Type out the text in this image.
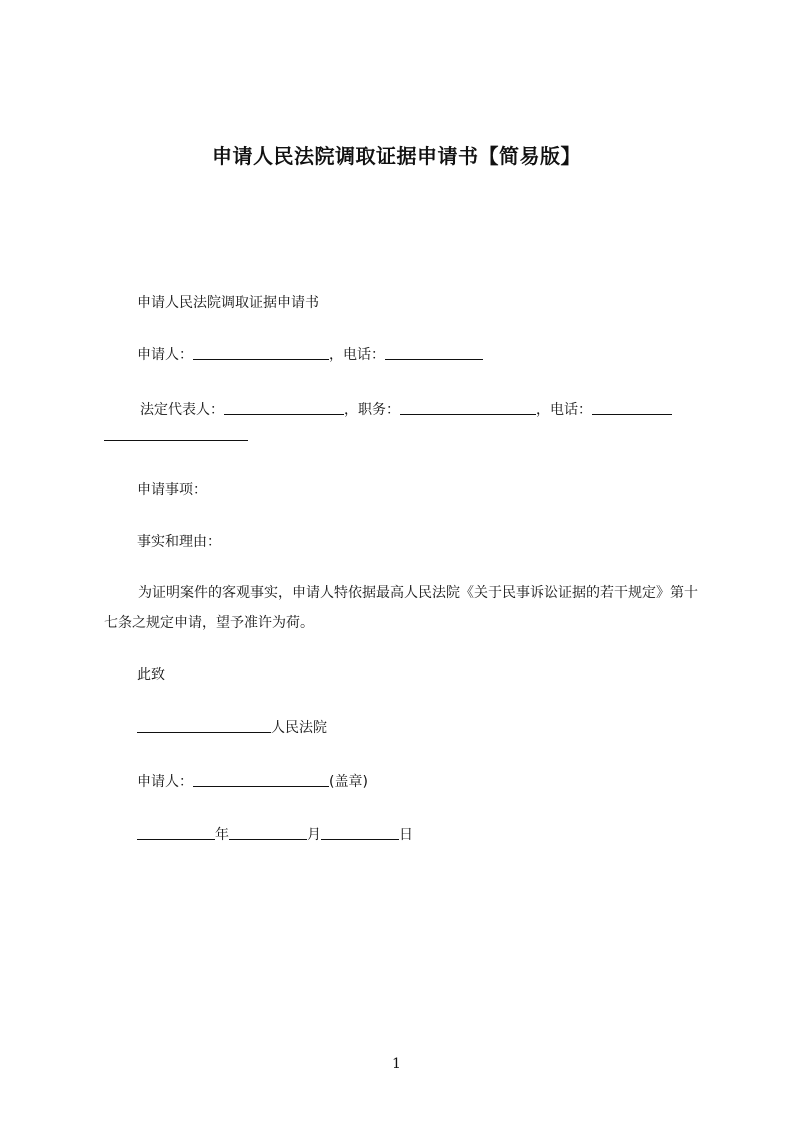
申请人民法院调取证据申请书【简易版】
申请人民法院调取证据申请书
申请人：	，电话：
法定代表人：	，职务：	，电话：
申请事项：
事实和理由：
为证明案件的客观事实，申请人特依据最高人民法院《关于民事诉讼证据的若干规定》第十七条之规定申请，望予准许为荷。
此致
人民法院
申请人：	(盖章)
年	月	日
1
